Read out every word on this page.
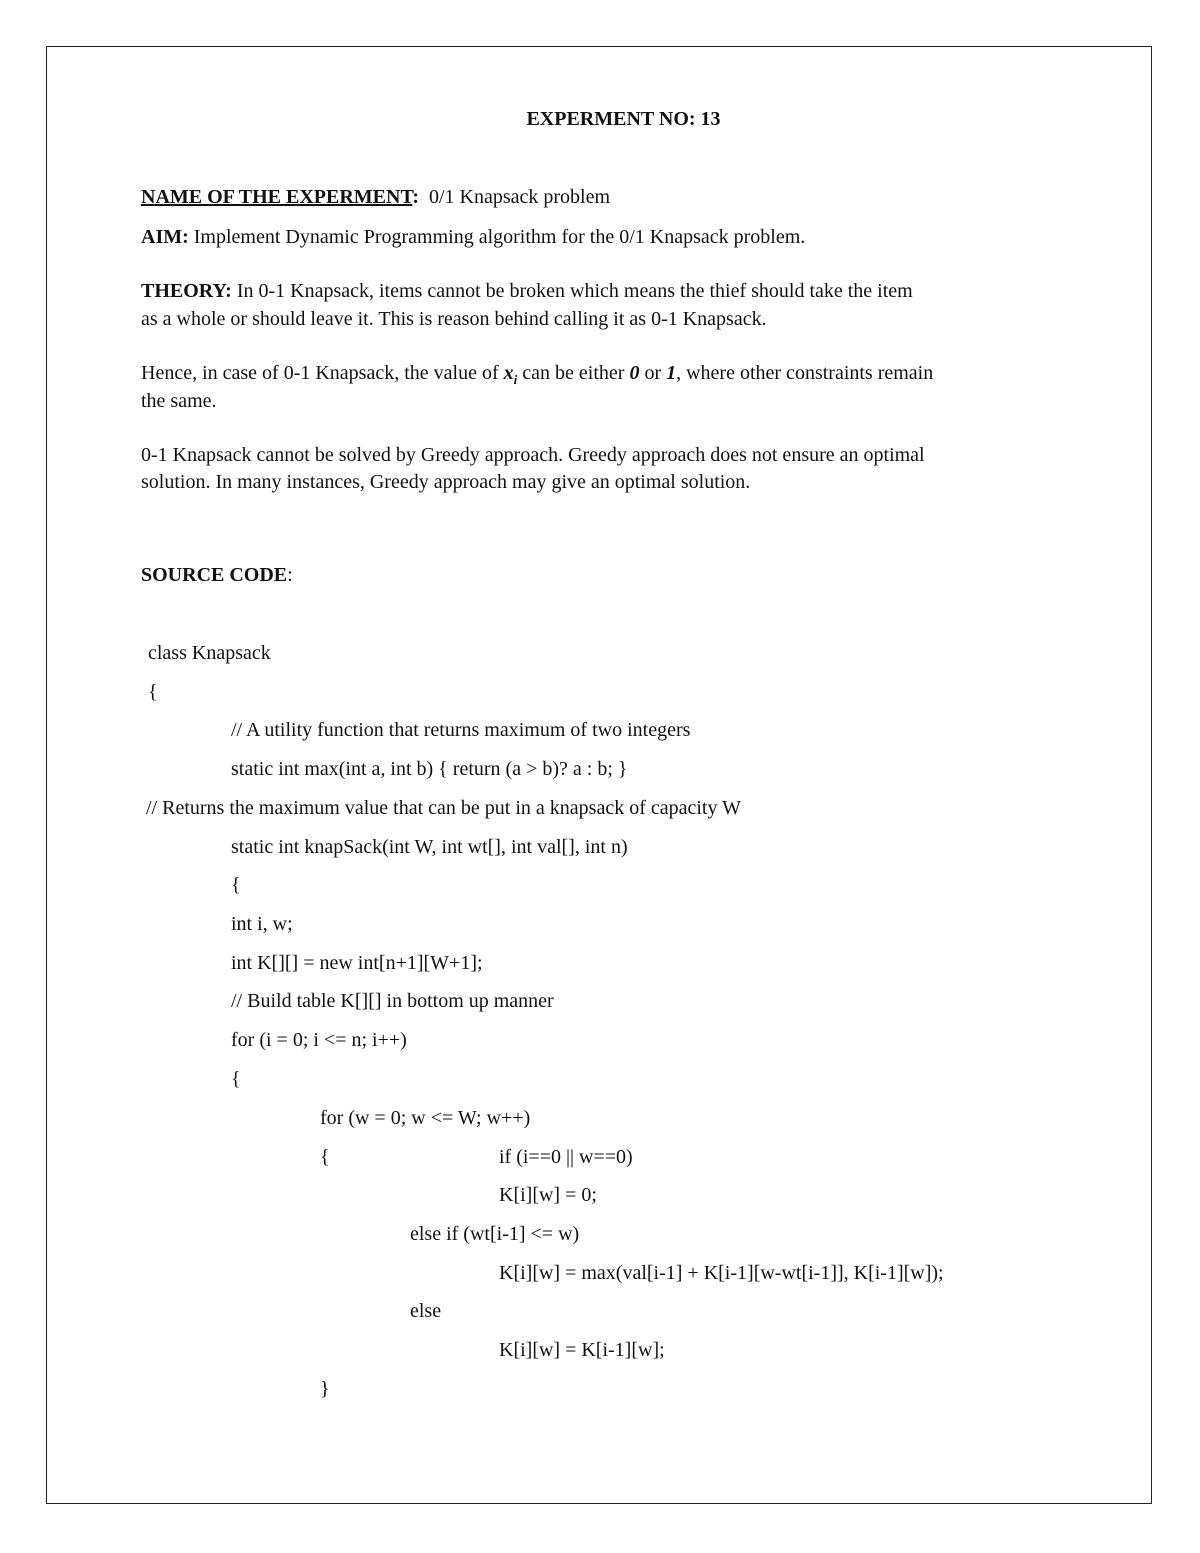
EXPERMENT NO: 13
NAME OF THE EXPERMENT: 0/1 Knapsack problem
AIM: Implement Dynamic Programming algorithm for the 0/1 Knapsack problem.
THEORY: In 0-1 Knapsack, items cannot be broken which means the thief should take the item
as a whole or should leave it. This is reason behind calling it as 0-1 Knapsack.
Hence, in case of 0-1 Knapsack, the value of $x_i$ can be either 0 or 1, where other constraints remain
the same.
0-1 Knapsack cannot be solved by Greedy approach. Greedy approach does not ensure an optimal
solution. In many instances, Greedy approach may give an optimal solution.
SOURCE CODE:
class Knapsack
{
// A utility function that returns maximum of two integers
static int max(int a, int b) { return (a > b)? a : b; }
// Returns the maximum value that can be put in a knapsack of capacity W
static int knapSack(int W, int wt[], int val[], int n)
{
int i, w;
int K[][] = new int[n+1][W+1];
// Build table K[][] in bottom up manner
for (i = 0; i <= n; i++)
{
for (w = 0; w <= W; w++)
{	if (i==0 || w==0)
K[i][w] = 0;
else if (wt[i-1] <= w)
K[i][w] = max(val[i-1] + K[i-1][w-wt[i-1]], K[i-1][w]);
else
K[i][w] = K[i-1][w];
}
